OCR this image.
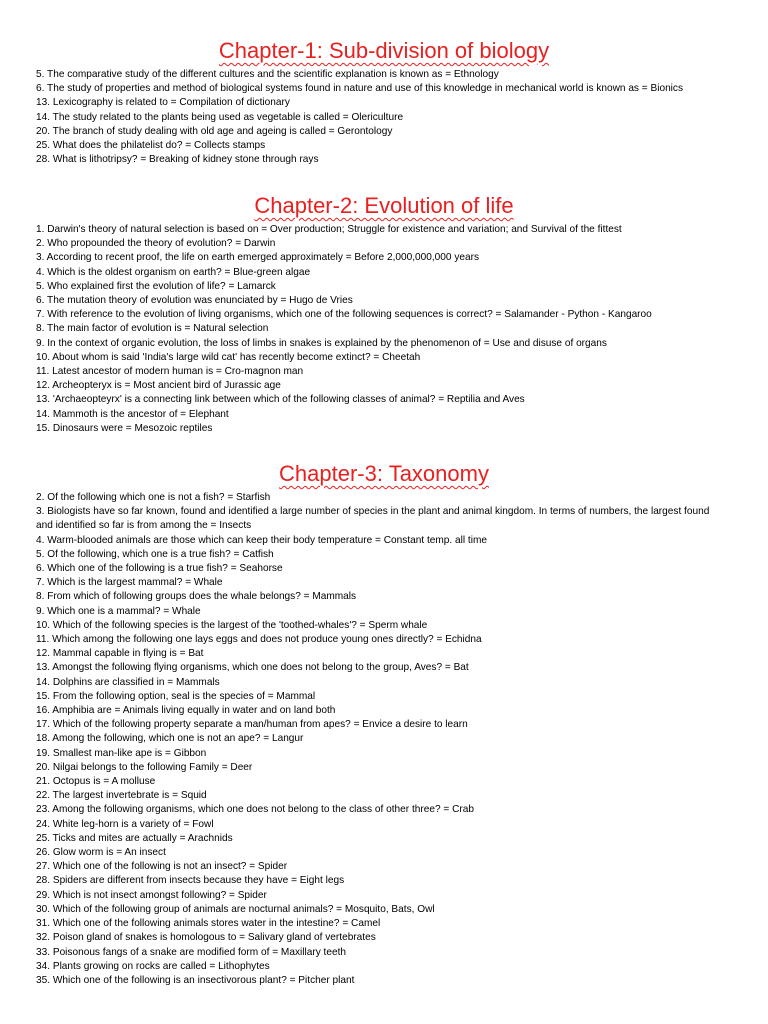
Chapter-1: Sub-division of biology
5. The comparative study of the different cultures and the scientific explanation is known as = Ethnology
6. The study of properties and method of biological systems found in nature and use of this knowledge in mechanical world is known as = Bionics
13. Lexicography is related to = Compilation of dictionary
14. The study related to the plants being used as vegetable is called = Olericulture
20. The branch of study dealing with old age and ageing is called = Gerontology
25. What does the philatelist do? = Collects stamps
28. What is lithotripsy? = Breaking of kidney stone through rays
Chapter-2: Evolution of life
1. Darwin's theory of natural selection is based on = Over production; Struggle for existence and variation; and Survival of the fittest
2. Who propounded the theory of evolution? = Darwin
3. According to recent proof, the life on earth emerged approximately = Before 2,000,000,000 years
4. Which is the oldest organism on earth? = Blue-green algae
5. Who explained first the evolution of life? = Lamarck
6. The mutation theory of evolution was enunciated by = Hugo de Vries
7. With reference to the evolution of living organisms, which one of the following sequences is correct? = Salamander - Python - Kangaroo
8. The main factor of evolution is = Natural selection
9. In the context of organic evolution, the loss of limbs in snakes is explained by the phenomenon of = Use and disuse of organs
10. About whom is said 'India's large wild cat' has recently become extinct? = Cheetah
11. Latest ancestor of modern human is = Cro-magnon man
12. Archeopteryx is = Most ancient bird of Jurassic age
13. 'Archaeopteyrx' is a connecting link between which of the following classes of animal? = Reptilia and Aves
14. Mammoth is the ancestor of = Elephant
15. Dinosaurs were = Mesozoic reptiles
Chapter-3: Taxonomy
2. Of the following which one is not a fish? = Starfish
3. Biologists have so far known, found and identified a large number of species in the plant and animal kingdom. In terms of numbers, the largest found and identified so far is from among the = Insects
4. Warm-blooded animals are those which can keep their body temperature = Constant temp. all time
5. Of the following, which one is a true fish? = Catfish
6. Which one of the following is a true fish? = Seahorse
7. Which is the largest mammal? = Whale
8. From which of following groups does the whale belongs? = Mammals
9. Which one is a mammal? = Whale
10. Which of the following species is the largest of the 'toothed-whales'? = Sperm whale
11. Which among the following one lays eggs and does not produce young ones directly? = Echidna
12. Mammal capable in flying is = Bat
13. Amongst the following flying organisms, which one does not belong to the group, Aves? = Bat
14. Dolphins are classified in = Mammals
15. From the following option, seal is the species of = Mammal
16. Amphibia are = Animals living equally in water and on land both
17. Which of the following property separate a man/human from apes? = Envice a desire to learn
18. Among the following, which one is not an ape? = Langur
19. Smallest man-like ape is = Gibbon
20. Nilgai belongs to the following Family = Deer
21. Octopus is = A molluse
22. The largest invertebrate is = Squid
23. Among the following organisms, which one does not belong to the class of other three? = Crab
24. White leg-horn is a variety of = Fowl
25. Ticks and mites are actually = Arachnids
26. Glow worm is = An insect
27. Which one of the following is not an insect? = Spider
28. Spiders are different from insects because they have = Eight legs
29. Which is not insect amongst following? = Spider
30. Which of the following group of animals are nocturnal animals? = Mosquito, Bats, Owl
31. Which one of the following animals stores water in the intestine? = Camel
32. Poison gland of snakes is homologous to = Salivary gland of vertebrates
33. Poisonous fangs of a snake are modified form of = Maxillary teeth
34. Plants growing on rocks are called = Lithophytes
35. Which one of the following is an insectivorous plant? = Pitcher plant
